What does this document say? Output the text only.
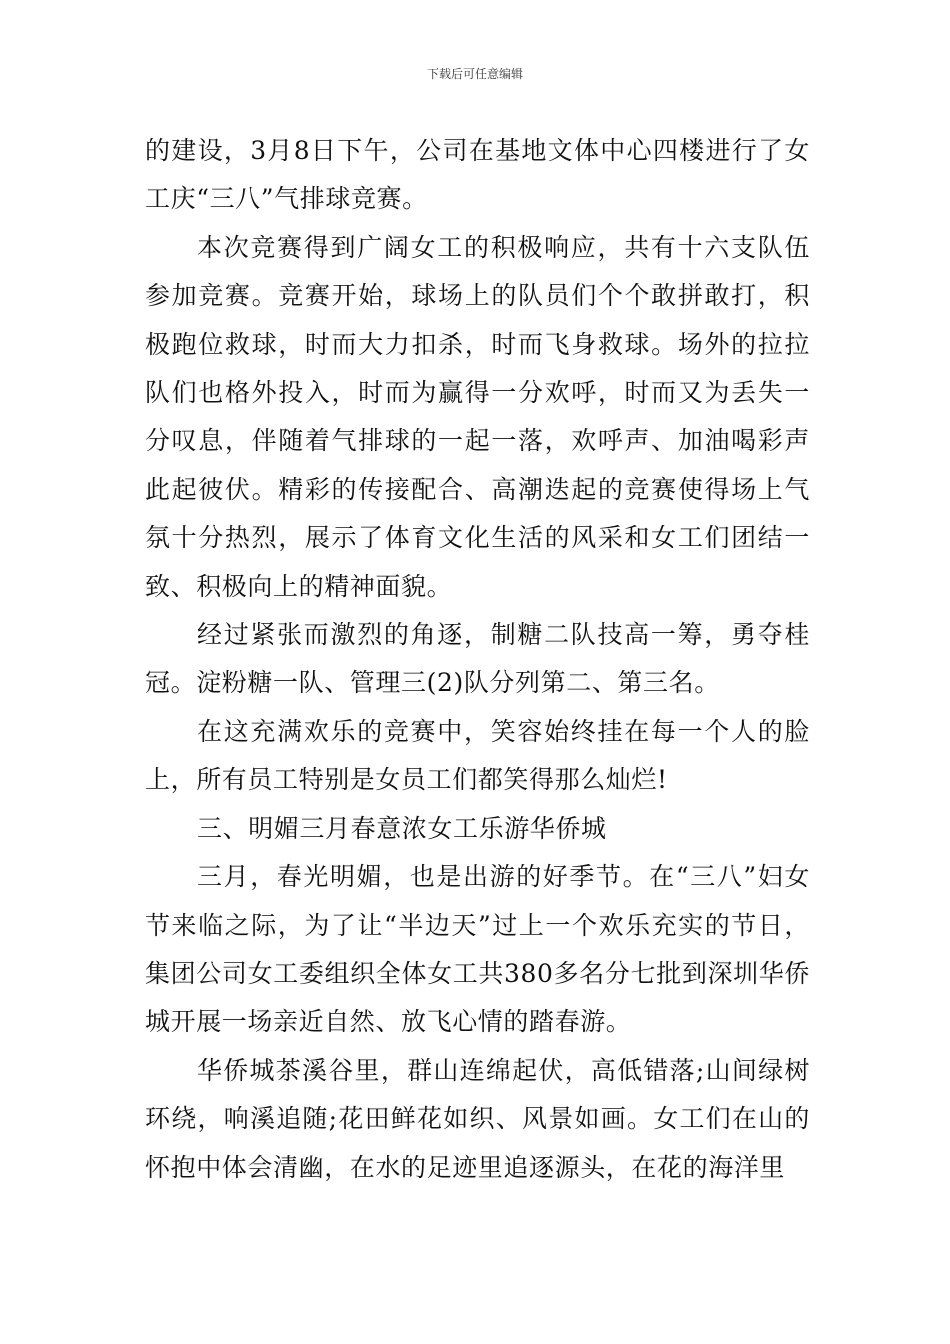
下载后可任意编辑

的建设，3月8日下午，公司在基地文体中心四楼进行了女工庆“三八”气排球竞赛。

本次竞赛得到广阔女工的积极响应，共有十六支队伍参加竞赛。竞赛开始，球场上的队员们个个敢拼敢打，积极跑位救球，时而大力扣杀，时而飞身救球。场外的拉拉队们也格外投入，时而为赢得一分欢呼，时而又为丢失一分叹息，伴随着气排球的一起一落，欢呼声、加油喝彩声此起彼伏。精彩的传接配合、高潮迭起的竞赛使得场上气氛十分热烈，展示了体育文化生活的风采和女工们团结一致、积极向上的精神面貌。

经过紧张而激烈的角逐，制糖二队技高一筹，勇夺桂冠。淀粉糖一队、管理三(2)队分列第二、第三名。

在这充满欢乐的竞赛中，笑容始终挂在每一个人的脸上，所有员工特别是女员工们都笑得那么灿烂!

三、明媚三月春意浓女工乐游华侨城

三月，春光明媚，也是出游的好季节。在“三八”妇女节来临之际，为了让“半边天”过上一个欢乐充实的节日，集团公司女工委组织全体女工共380多名分七批到深圳华侨城开展一场亲近自然、放飞心情的踏春游。

华侨城茶溪谷里，群山连绵起伏，高低错落;山间绿树环绕，响溪追随;花田鲜花如织、风景如画。女工们在山的怀抱中体会清幽，在水的足迹里追逐源头，在花的海洋里
